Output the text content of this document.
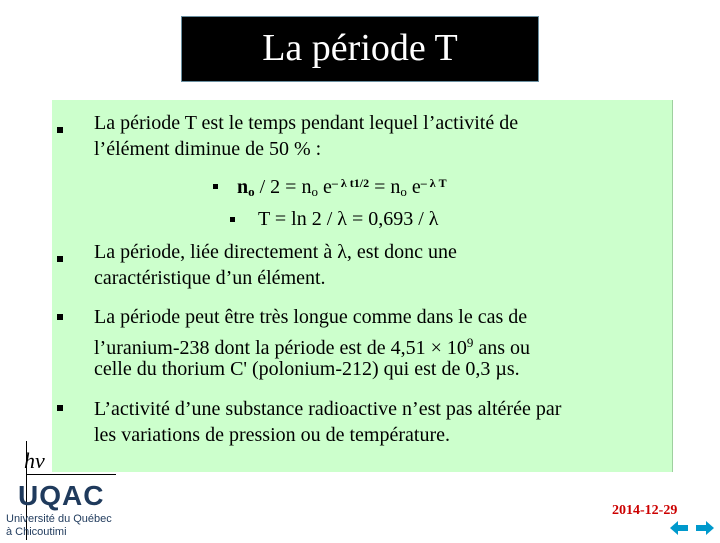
La période T
La période T est le temps pendant lequel l’activité de
l’élément diminue de 50 % :
$n_o / 2 = n_o$ $e^{- \lambda t1/2} = n_o$ $e^{- \lambda T}$
T = ln 2 / λ = 0,693 / λ
La période, liée directement à λ, est donc une
caractéristique d’un élément.
La période peut être très longue comme dans le cas de
l’uranium-238 dont la période est de $4,51 \times 10^9$ ans ou
celle du thorium C' (polonium-212) qui est de 0,3 µs.
L’activité d’une substance radioactive n’est pas altérée par
les variations de pression ou de température.
hν
UQAC
Université du Québec
à Chicoutimi
2014-12-29
